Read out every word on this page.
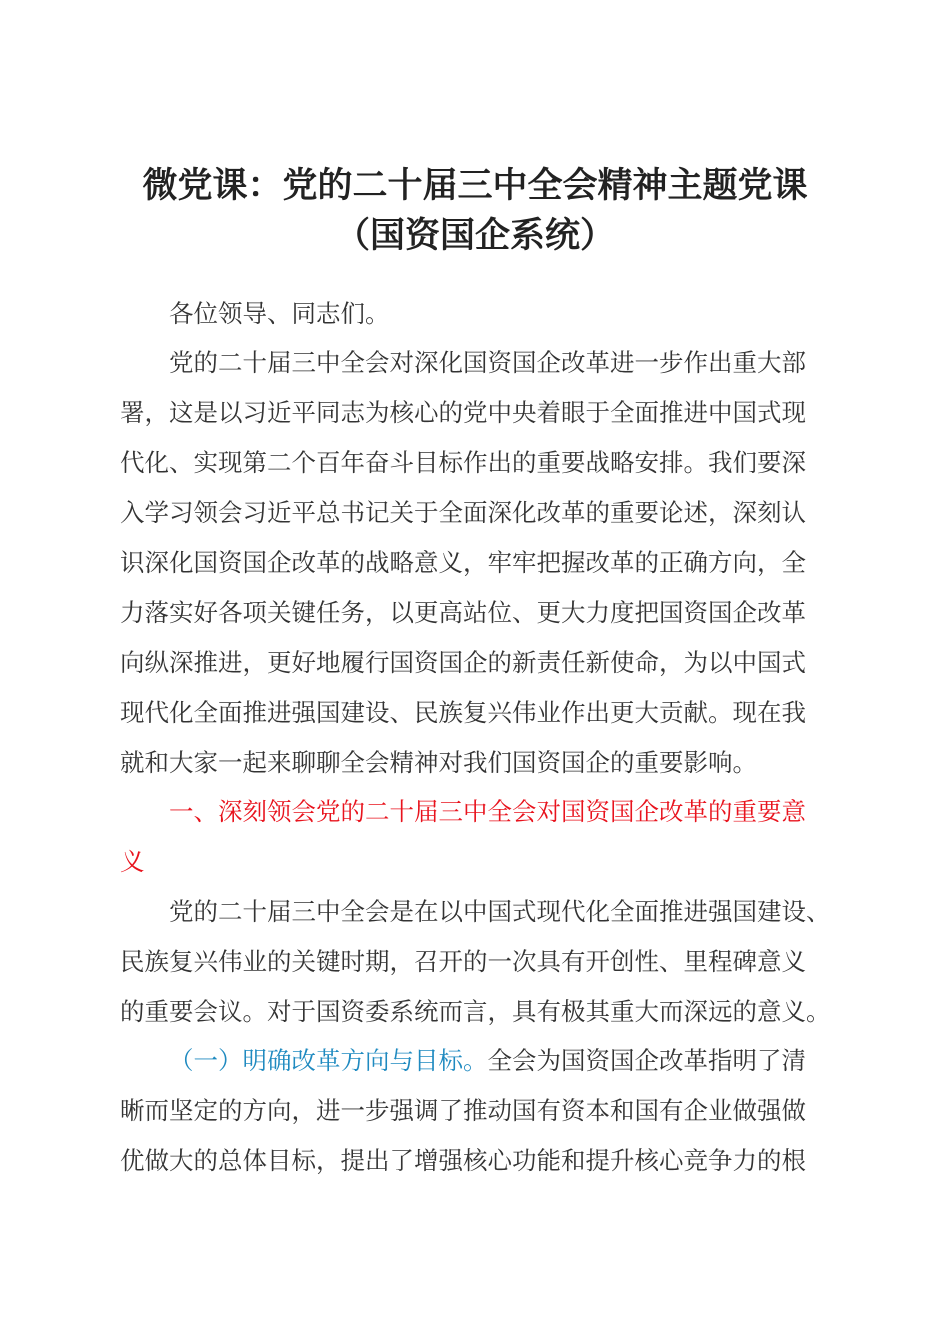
微党课：党的二十届三中全会精神主题党课
（国资国企系统）
各位领导、同志们。
党的二十届三中全会对深化国资国企改革进一步作出重大部
署，这是以习近平同志为核心的党中央着眼于全面推进中国式现
代化、实现第二个百年奋斗目标作出的重要战略安排。我们要深
入学习领会习近平总书记关于全面深化改革的重要论述，深刻认
识深化国资国企改革的战略意义，牢牢把握改革的正确方向，全
力落实好各项关键任务，以更高站位、更大力度把国资国企改革
向纵深推进，更好地履行国资国企的新责任新使命，为以中国式
现代化全面推进强国建设、民族复兴伟业作出更大贡献。现在我
就和大家一起来聊聊全会精神对我们国资国企的重要影响。
一、深刻领会党的二十届三中全会对国资国企改革的重要意
义
党的二十届三中全会是在以中国式现代化全面推进强国建设、
民族复兴伟业的关键时期，召开的一次具有开创性、里程碑意义
的重要会议。对于国资委系统而言，具有极其重大而深远的意义。
（一）明确改革方向与目标。全会为国资国企改革指明了清
晰而坚定的方向，进一步强调了推动国有资本和国有企业做强做
优做大的总体目标，提出了增强核心功能和提升核心竞争力的根
